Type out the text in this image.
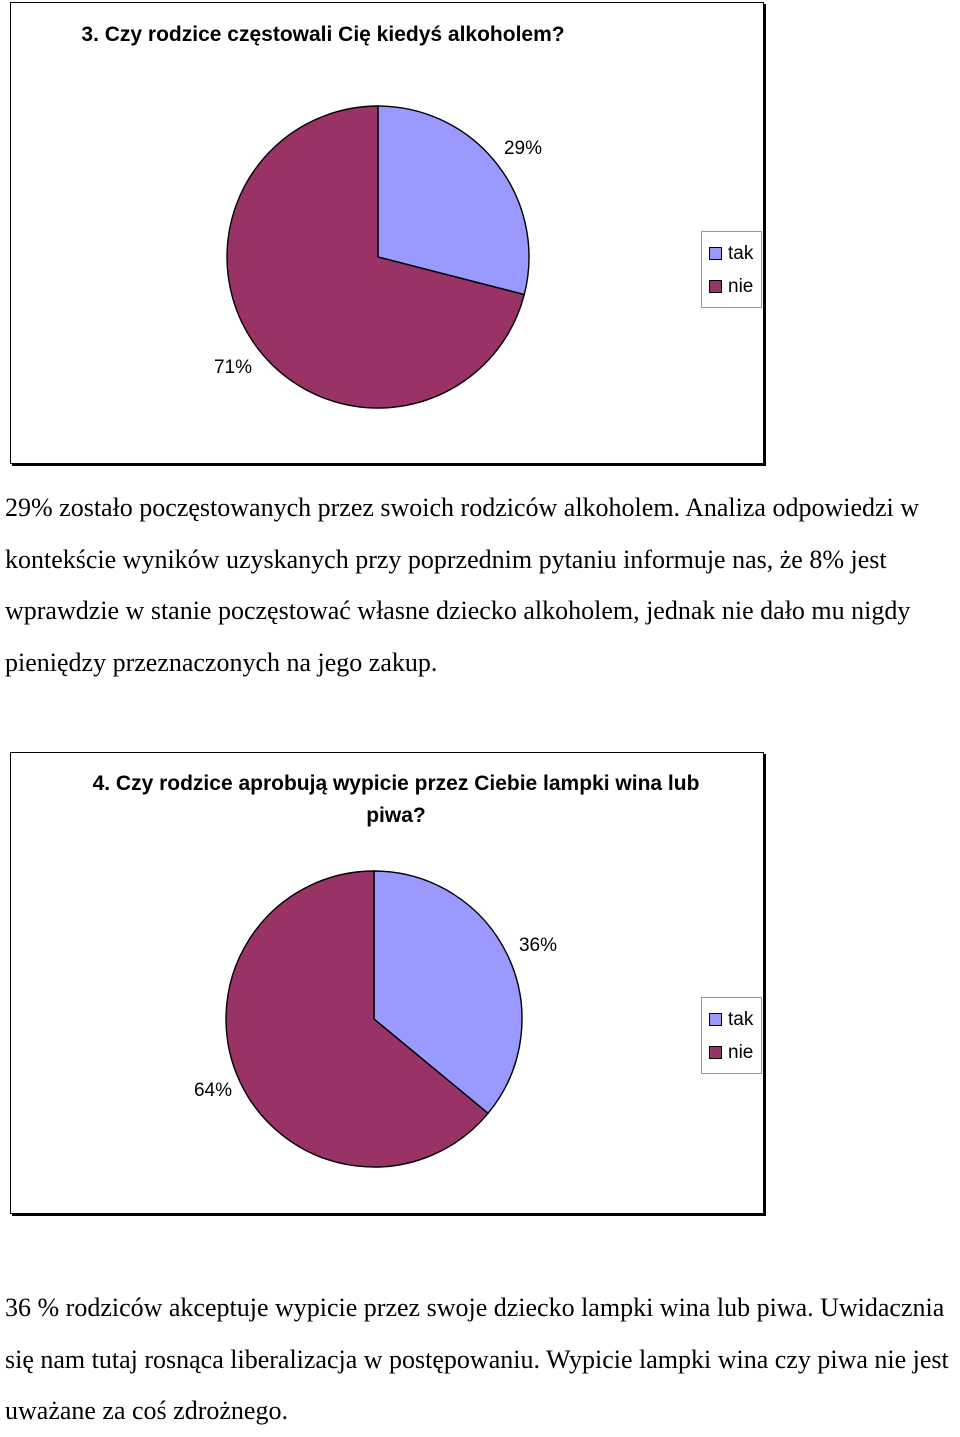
3. Czy rodzice częstowali Cię kiedyś alkoholem?
29%
71%
tak
nie

29% zostało poczęstowanych przez swoich rodziców alkoholem. Analiza odpowiedzi w kontekście wyników uzyskanych przy poprzednim pytaniu informuje nas, że 8% jest wprawdzie w stanie poczęstować własne dziecko alkoholem, jednak nie dało mu nigdy pieniędzy przeznaczonych na jego zakup.

4. Czy rodzice aprobują wypicie przez Ciebie lampki wina lub piwa?
36%
64%
tak
nie

36 % rodziców akceptuje wypicie przez swoje dziecko lampki wina lub piwa. Uwidacznia się nam tutaj rosnąca liberalizacja w postępowaniu. Wypicie lampki wina czy piwa nie jest uważane za coś zdrożnego.
